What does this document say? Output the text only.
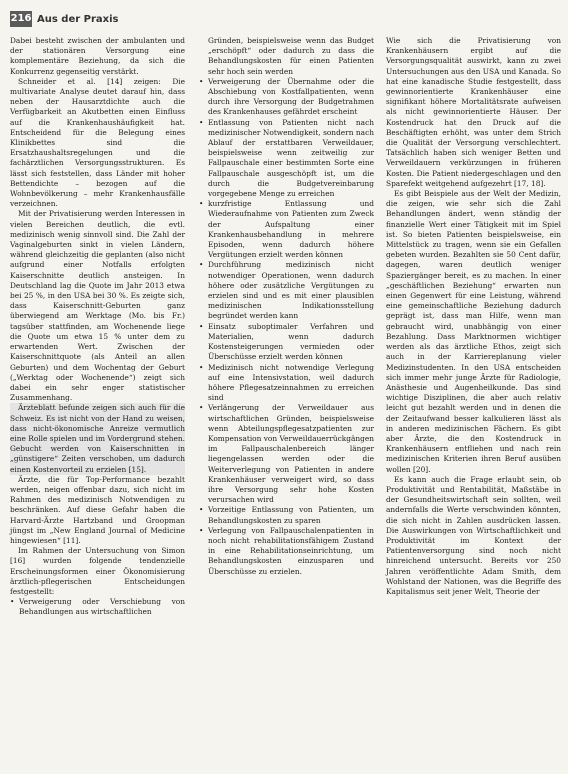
216 Aus der Praxis

Dabei besteht zwischen der ambulanten und der stationären Versorgung eine komplementäre Beziehung, da sich die Konkurrenz gegenseitig verstärkt.

Schneider et al. [14] zeigen: Die multivariate Analyse deutet darauf hin, dass neben der Hausarztdichte auch die Verfügbarkeit an Akutbetten einen Einfluss auf die Krankenhaushäufigkeit hat. Entscheidend für die Belegung eines Klinikbettes sind die Ersatzhaushaltsregelungen und die fachärztlichen Versorgungsstrukturen. Es lässt sich feststellen, dass Länder mit hoher Bettendichte – bezogen auf die Wohnbevölkerung – mehr Krankenhausfälle verzeichnen.

Mit der Privatisierung werden Interessen in vielen Bereichen deutlich, die evtl. medizinisch wenig sinnvoll sind. Die Zahl der Vaginalgeburten sinkt in vielen Ländern, während gleichzeitig die geplanten (also nicht aufgrund einer Notfalls erfolgten Kaiserschnitte deutlich ansteigen. In Deutschland lag die Quote im Jahr 2013 etwa bei 25 %, in den USA bei 30 %. Es zeigte sich, dass Kaiserschnitt-Geburten ganz überwiegend am Werktage (Mo. bis Fr.) tagsüber stattfinden, am Wochenende liege die Quote um etwa 15 % unter dem zu erwartenden Wert. Zwischen der Kaiserschnittquote (als Anteil an allen Geburten) und dem Wochentag der Geburt („Werktag oder Wochenende“) zeigt sich dabei ein sehr enger statistischer Zusammenhang.

Ärzteblatt befunde zeigen sich auch für die Schweiz. Es ist nicht von der Hand zu weisen, dass nicht-ökonomische Anreize vermutlich eine Rolle spielen und im Vordergrund stehen. Gebucht werden von Kaiserschnitten in „günstigere“ Zeiten verschoben, um dadurch einen Kostenvorteil zu erzielen [15].

Ärzte, die für Top-Performance bezahlt werden, neigen offenbar dazu, sich nicht im Rahmen des medizinisch Notwendigen zu beschränken. Auf diese Gefahr haben die Harvard-Ärzte Hartzband und Groopman jüngst im „New England Journal of Medicine hingewiesen“ [11].

Im Rahmen der Untersuchung von Simon [16] wurden folgende tendenzielle Erscheinungsformen einer Ökonomisierung ärztlich-pflegerischen Entscheidungen festgestellt:

• Verweigerung oder Verschiebung von Behandlungen aus wirtschaftlichen

Gründen, beispielsweise wenn das Budget „erschöpft“ oder dadurch zu dass die Behandlungskosten für einen Patienten sehr hoch sein werden

• Verweigerung der Übernahme oder die Abschiebung von Kostfallpatienten, wenn durch ihre Versorgung der Budgetrahmen des Krankenhauses gefährdet erscheint
• Entlassung von Patienten nicht nach medizinischer Notwendigkeit, sondern nach Ablauf der erstattbaren Verweildauer, beispielsweise wenn zeitweilig zur Fallpauschale einer bestimmten Sorte eine Fallpauschale ausgeschöpft ist, um die durch die Budgetvereinbarung vorgegebene Menge zu erreichen
• kurzfristige Entlassung und Wiederaufnahme von Patienten zum Zweck der Aufspaltung einer Krankenhausbehandlung in mehrere Episoden, wenn dadurch höhere Vergütungen erzielt werden können
• Durchführung medizinisch nicht notwendiger Operationen, wenn dadurch höhere oder zusätzliche Vergütungen zu erzielen sind und es mit einer plausiblen medizinischen Indikationsstellung begründet werden kann
• Einsatz suboptimaler Verfahren und Materialien, wenn dadurch Kostensteigerungen vermieden oder Überschüsse erzielt werden können
• Medizinisch nicht notwendige Verlegung auf eine Intensivstation, weil dadurch höhere Pflegesatzeinnahmen zu erreichen sind
• Verlängerung der Verweildauer aus wirtschaftlichen Gründen, beispielsweise wenn Abteilungspflegesatzpatienten zur Kompensation von Verweildauerrückgängen im Fallpauschalenbereich länger liegengelassen werden oder die Weiterverlegung von Patienten in andere Krankenhäuser verweigert wird, so dass ihre Versorgung sehr hohe Kosten verursachen wird
• Vorzeitige Entlassung von Patienten, um Behandlungskosten zu sparen
• Verlegung von Fallpauschalenpatienten in noch nicht rehabilitationsfähigem Zustand in eine Rehabilitationseinrichtung, um Behandlungskosten einzusparen und Überschüsse zu erzielen.

Wie sich die Privatisierung von Krankenhäusern ergibt auf die Versorgungsqualität auswirkt, kann zu zwei Untersuchungen aus den USA und Kanada. So hat eine kanadische Studie festgestellt, dass gewinnorientierte Krankenhäuser eine signifikant höhere Mortalitätsrate aufweisen als nicht gewinnorientierte Häuser. Der Kostendruck hat den Druck auf die Beschäftigten erhöht, was unter dem Strich die Qualität der Versorgung verschlechtert. Tatsächlich haben sich weniger Betten und Verweildauern verkürzungen in früheren Kosten. Die Patient niedergeschlagen und den Sparefekt weitgehend aufgezehrt [17, 18].

Es gibt Beispiele aus der Welt der Medizin, die zeigen, wie sehr sich die Zahl Behandlungen ändert, wenn ständig der finanzielle Wert einer Tätigkeit mit im Spiel ist. So bieten Patienten beispielsweise, ein Mittelstück zu tragen, wenn sie ein Gefallen gebeten wurden. Bezahlten sie 50 Cent dafür, dagegen, waren deutlich weniger Spaziergänger bereit, es zu machen. In einer „geschäftlichen Beziehung“ erwarten nun einen Gegenwert für eine Leistung, während eine gemeinschaftliche Beziehung dadurch geprägt ist, dass man Hilfe, wenn man gebraucht wird, unabhängig von einer Bezahlung. Dass Marktnormen wichtiger werden als das ärztliche Ethos, zeigt sich auch in der Karriereplanung vieler Medizinstudenten. In den USA entscheiden sich immer mehr junge Ärzte für Radiologie, Anästhesie und Augenheilkunde. Das sind wichtige Disziplinen, die aber auch relativ leicht gut bezahlt werden und in denen die der Zeitaufwand besser kalkulieren lässt als in anderen medizinischen Fächern. Es gibt aber Ärzte, die den Kostendruck in Krankenhäusern entfliehen und nach rein medizinischen Kriterien ihren Beruf ausüben wollen [20].

Es kann auch die Frage erlaubt sein, ob Produktivität und Rentabilität, Maßstäbe in der Gesundheitswirtschaft sein sollten, weil andernfalls die Werte verschwinden könnten, die sich nicht in Zahlen ausdrücken lassen. Die Auswirkungen von Wirtschaftlichkeit und Produktivität im Kontext der Patientenversorgung sind noch nicht hinreichend untersucht. Bereits vor 250 Jahren veröffentlichte Adam Smith, dem Wohlstand der Nationen, was die Begriffe des Kapitalismus seit jener Welt, Theorie der
